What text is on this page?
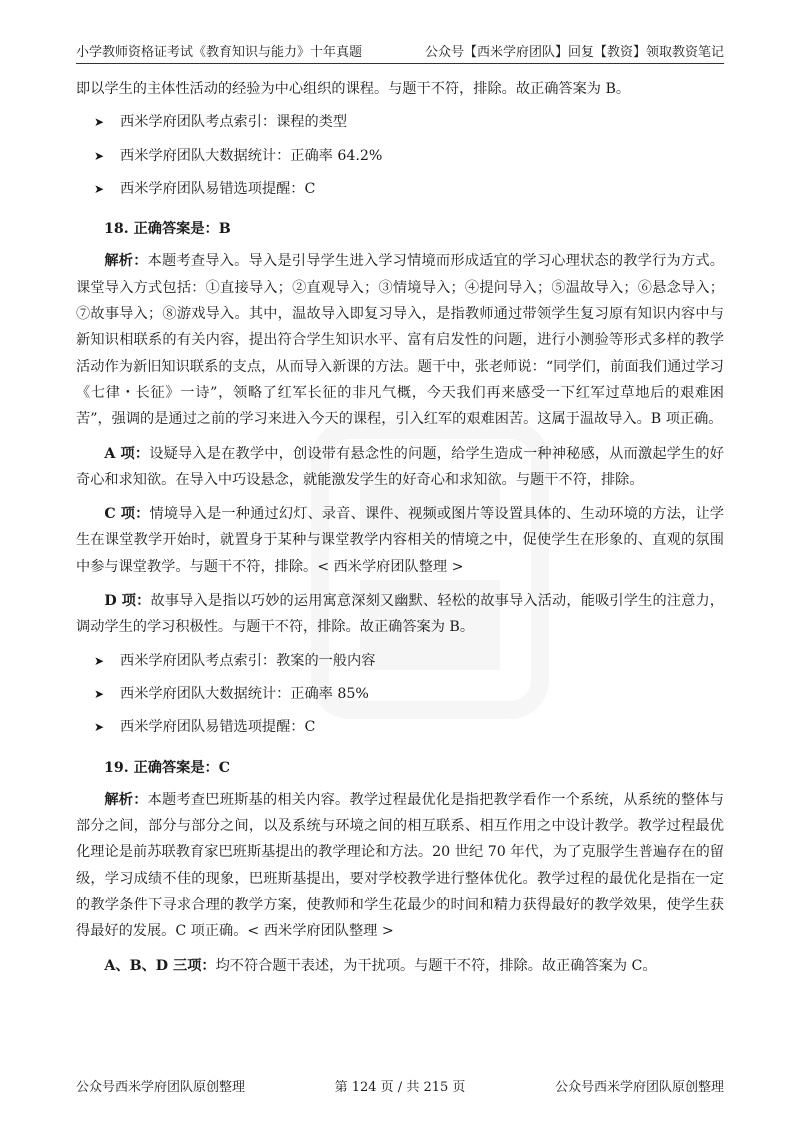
小学教师资格证考试《教育知识与能力》十年真题	公众号【西米学府团队】回复【教资】领取教资笔记

即以学生的主体性活动的经验为中心组织的课程。与题干不符，排除。故正确答案为 B。

➤	西米学府团队考点索引：课程的类型
➤	西米学府团队大数据统计：正确率 64.2%
➤	西米学府团队易错选项提醒：C

18. 正确答案是：B

解析：本题考查导入。导入是引导学生进入学习情境而形成适宜的学习心理状态的教学行为方式。课堂导入方式包括：①直接导入；②直观导入；③情境导入；④提问导入；⑤温故导入；⑥悬念导入；⑦故事导入；⑧游戏导入。其中，温故导入即复习导入，是指教师通过带领学生复习原有知识内容中与新知识相联系的有关内容，提出符合学生知识水平、富有启发性的问题，进行小测验等形式多样的教学活动作为新旧知识联系的支点，从而导入新课的方法。题干中，张老师说：“同学们，前面我们通过学习《七律・长征》一诗”，领略了红军长征的非凡气概，今天我们再来感受一下红军过草地后的艰难困苦”，强调的是通过之前的学习来进入今天的课程，引入红军的艰难困苦。这属于温故导入。B 项正确。

A 项：设疑导入是在教学中，创设带有悬念性的问题，给学生造成一种神秘感，从而激起学生的好奇心和求知欲。在导入中巧设悬念，就能激发学生的好奇心和求知欲。与题干不符，排除。

C 项：情境导入是一种通过幻灯、录音、课件、视频或图片等设置具体的、生动环境的方法，让学生在课堂教学开始时，就置身于某种与课堂教学内容相关的情境之中，促使学生在形象的、直观的氛围中参与课堂教学。与题干不符，排除。< 西米学府团队整理 >

D 项：故事导入是指以巧妙的运用寓意深刻又幽默、轻松的故事导入活动，能吸引学生的注意力，调动学生的学习积极性。与题干不符，排除。故正确答案为 B。

➤	西米学府团队考点索引：教案的一般内容
➤	西米学府团队大数据统计：正确率 85%
➤	西米学府团队易错选项提醒：C

19. 正确答案是：C

解析：本题考查巴班斯基的相关内容。教学过程最优化是指把教学看作一个系统，从系统的整体与部分之间，部分与部分之间，以及系统与环境之间的相互联系、相互作用之中设计教学。教学过程最优化理论是前苏联教育家巴班斯基提出的教学理论和方法。20 世纪 70 年代，为了克服学生普遍存在的留级，学习成绩不佳的现象，巴班斯基提出，要对学校教学进行整体优化。教学过程的最优化是指在一定的教学条件下寻求合理的教学方案，使教师和学生花最少的时间和精力获得最好的教学效果，使学生获得最好的发展。C 项正确。< 西米学府团队整理 >

A、B、D 三项：均不符合题干表述，为干扰项。与题干不符，排除。故正确答案为 C。

公众号西米学府团队原创整理	第 124 页 / 共 215 页	公众号西米学府团队原创整理
